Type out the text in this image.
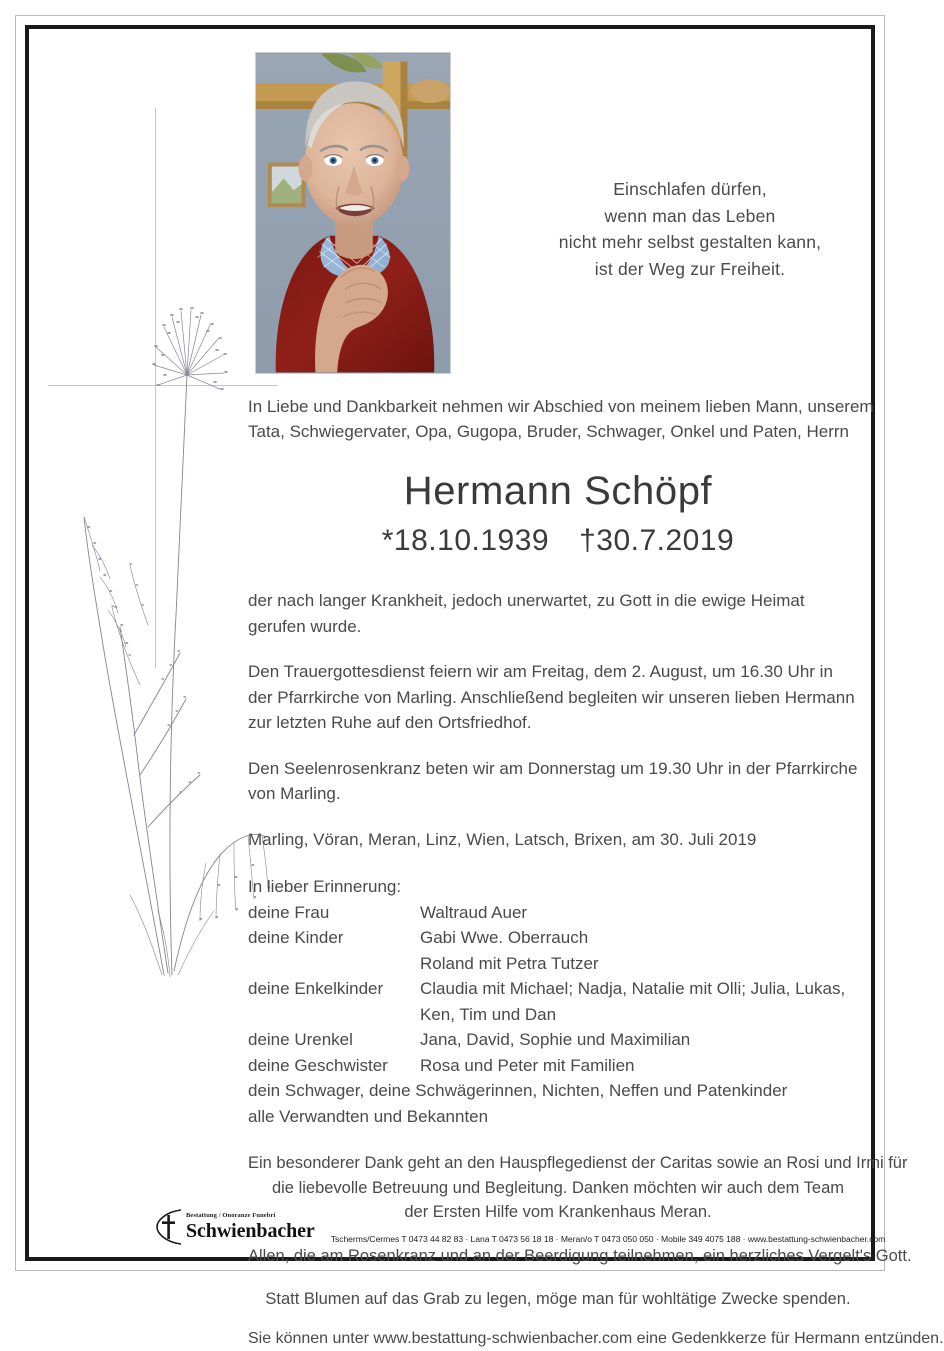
Einschlafen dürfen,
wenn man das Leben
nicht mehr selbst gestalten kann,
ist der Weg zur Freiheit.
In Liebe und Dankbarkeit nehmen wir Abschied von meinem lieben Mann, unserem
Tata, Schwiegervater, Opa, Gugopa, Bruder, Schwager, Onkel und Paten, Herrn
Hermann Schöpf
*18.10.1939 †30.7.2019
der nach langer Krankheit, jedoch unerwartet, zu Gott in die ewige Heimat
gerufen wurde.
Den Trauergottesdienst feiern wir am Freitag, dem 2. August, um 16.30 Uhr in
der Pfarrkirche von Marling. Anschließend begleiten wir unseren lieben Hermann
zur letzten Ruhe auf den Ortsfriedhof.
Den Seelenrosenkranz beten wir am Donnerstag um 19.30 Uhr in der Pfarrkirche
von Marling.
Marling, Vöran, Meran, Linz, Wien, Latsch, Brixen, am 30. Juli 2019
In lieber Erinnerung:
deine Frau	Waltraud Auer
deine Kinder	Gabi Wwe. Oberrauch
Roland mit Petra Tutzer
deine Enkelkinder	Claudia mit Michael; Nadja, Natalie mit Olli; Julia, Lukas,
Ken, Tim und Dan
deine Urenkel	Jana, David, Sophie und Maximilian
deine Geschwister	Rosa und Peter mit Familien
dein Schwager, deine Schwägerinnen, Nichten, Neffen und Patenkinder
alle Verwandten und Bekannten
Ein besonderer Dank geht an den Hauspflegedienst der Caritas sowie an Rosi und Irmi für
die liebevolle Betreuung und Begleitung. Danken möchten wir auch dem Team
der Ersten Hilfe vom Krankenhaus Meran.
Allen, die am Rosenkranz und an der Beerdigung teilnehmen, ein herzliches Vergelt's Gott.
Statt Blumen auf das Grab zu legen, möge man für wohltätige Zwecke spenden.
Sie können unter www.bestattung-schwienbacher.com eine Gedenkkerze für Hermann entzünden.
Bestattung / Onoranze Funebri
Schwienbacher Tscherms/Cermes T 0473 44 82 83 · Lana T 0473 56 18 18 · Meran/o T 0473 050 050 · Mobile 349 4075 188 · www.bestattung-schwienbacher.com
